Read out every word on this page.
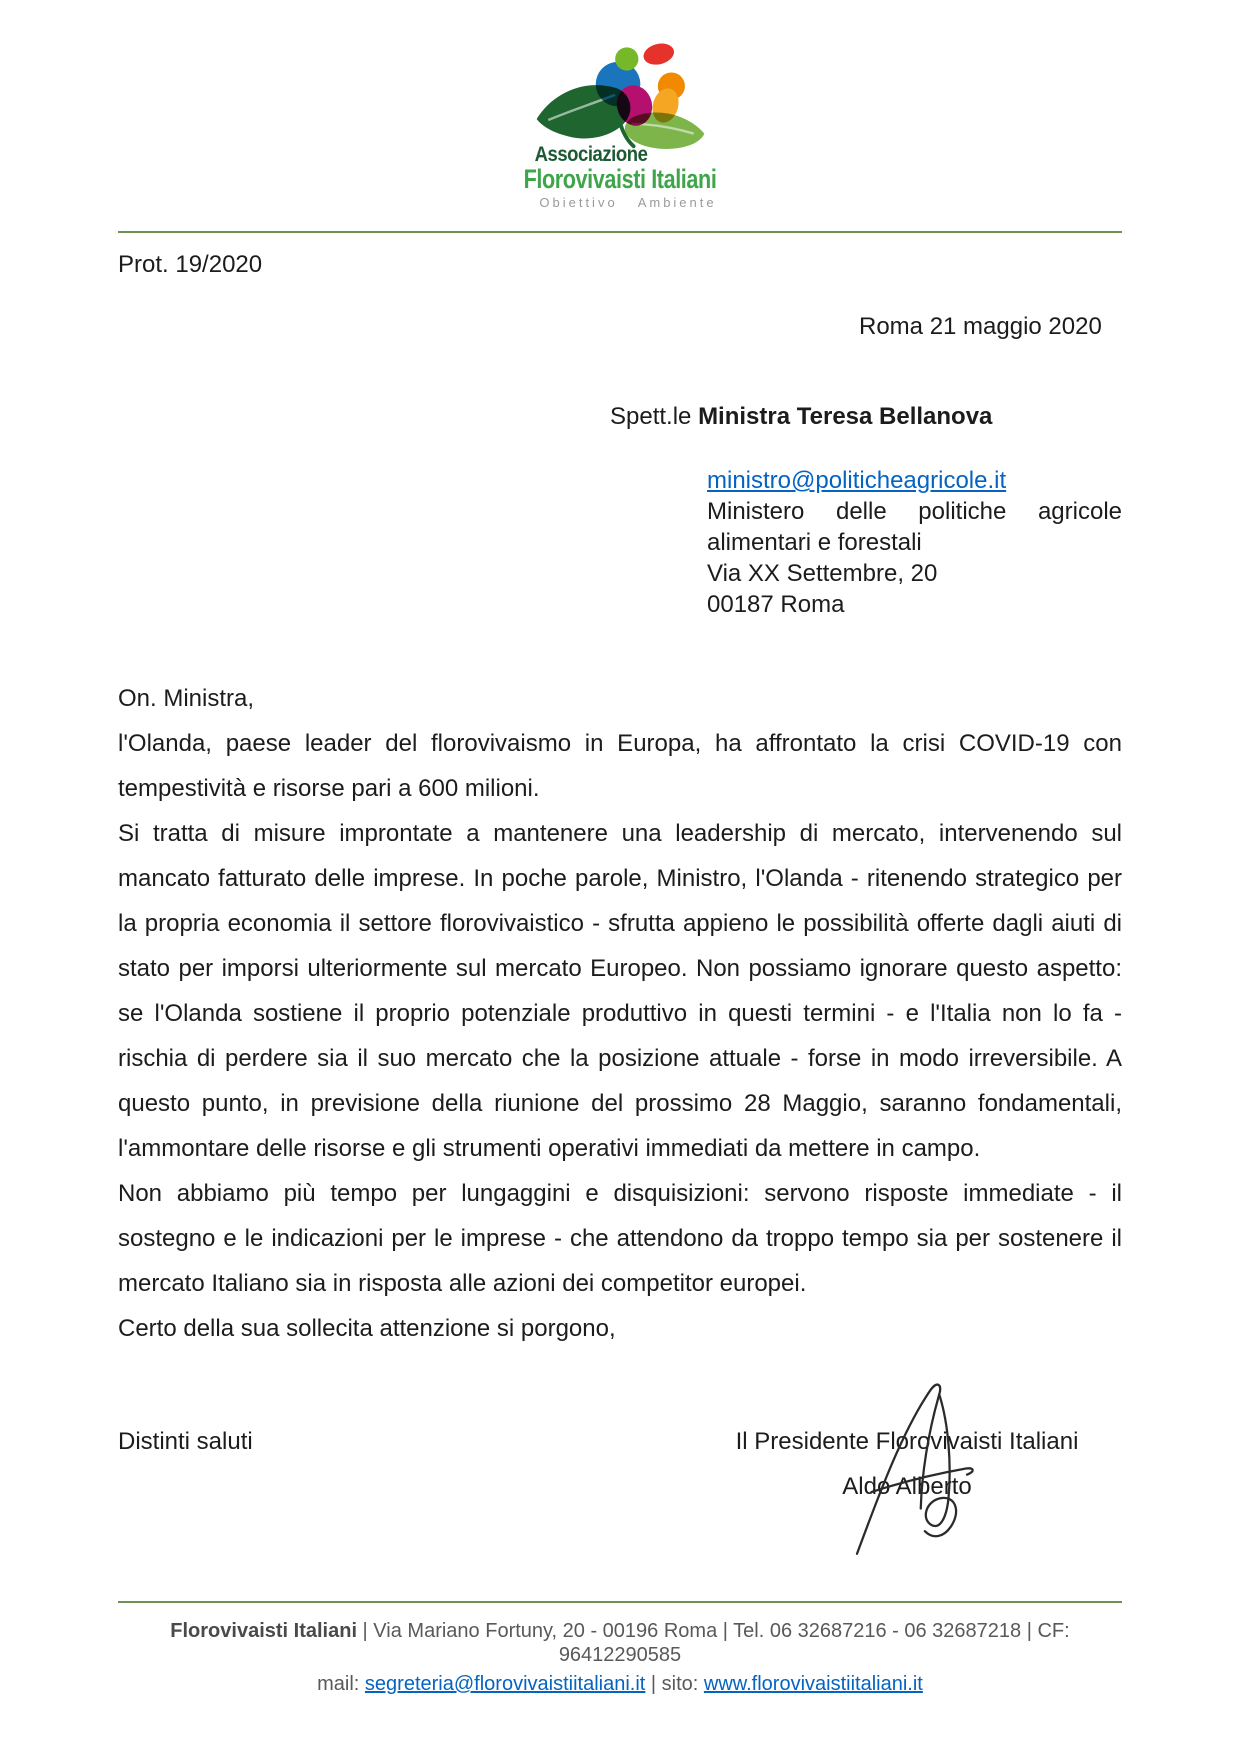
Associazione
Florovivaisti Italiani
Obiettivo Ambiente
Prot. 19/2020
Roma 21 maggio 2020
Spett.le Ministra Teresa Bellanova
ministro@politicheagricole.it
Ministero delle politiche agricole
alimentari e forestali
Via XX Settembre, 20
00187 Roma

On. Ministra,

l'Olanda, paese leader del florovivaismo in Europa, ha affrontato la crisi COVID-19 con tempestività e risorse pari a 600 milioni.

Si tratta di misure improntate a mantenere una leadership di mercato, intervenendo sul mancato fatturato delle imprese. In poche parole, Ministro, l'Olanda - ritenendo strategico per la propria economia il settore florovivaistico - sfrutta appieno le possibilità offerte dagli aiuti di stato per imporsi ulteriormente sul mercato Europeo. Non possiamo ignorare questo aspetto: se l'Olanda sostiene il proprio potenziale produttivo in questi termini - e l'Italia non lo fa - rischia di perdere sia il suo mercato che la posizione attuale - forse in modo irreversibile. A questo punto, in previsione della riunione del prossimo 28 Maggio, saranno fondamentali, l'ammontare delle risorse e gli strumenti operativi immediati da mettere in campo.

Non abbiamo più tempo per lungaggini e disquisizioni: servono risposte immediate - il sostegno e le indicazioni per le imprese - che attendono da troppo tempo sia per sostenere il mercato Italiano sia in risposta alle azioni dei competitor europei.

Certo della sua sollecita attenzione si porgono,

Distinti saluti	Il Presidente Florovivaisti Italiani
Aldo Alberto
Florovivaisti Italiani | Via Mariano Fortuny, 20 - 00196 Roma | Tel. 06 32687216 - 06 32687218 | CF: 96412290585
mail: segreteria@florovivaistiitaliani.it | sito: www.florovivaistiitaliani.it
